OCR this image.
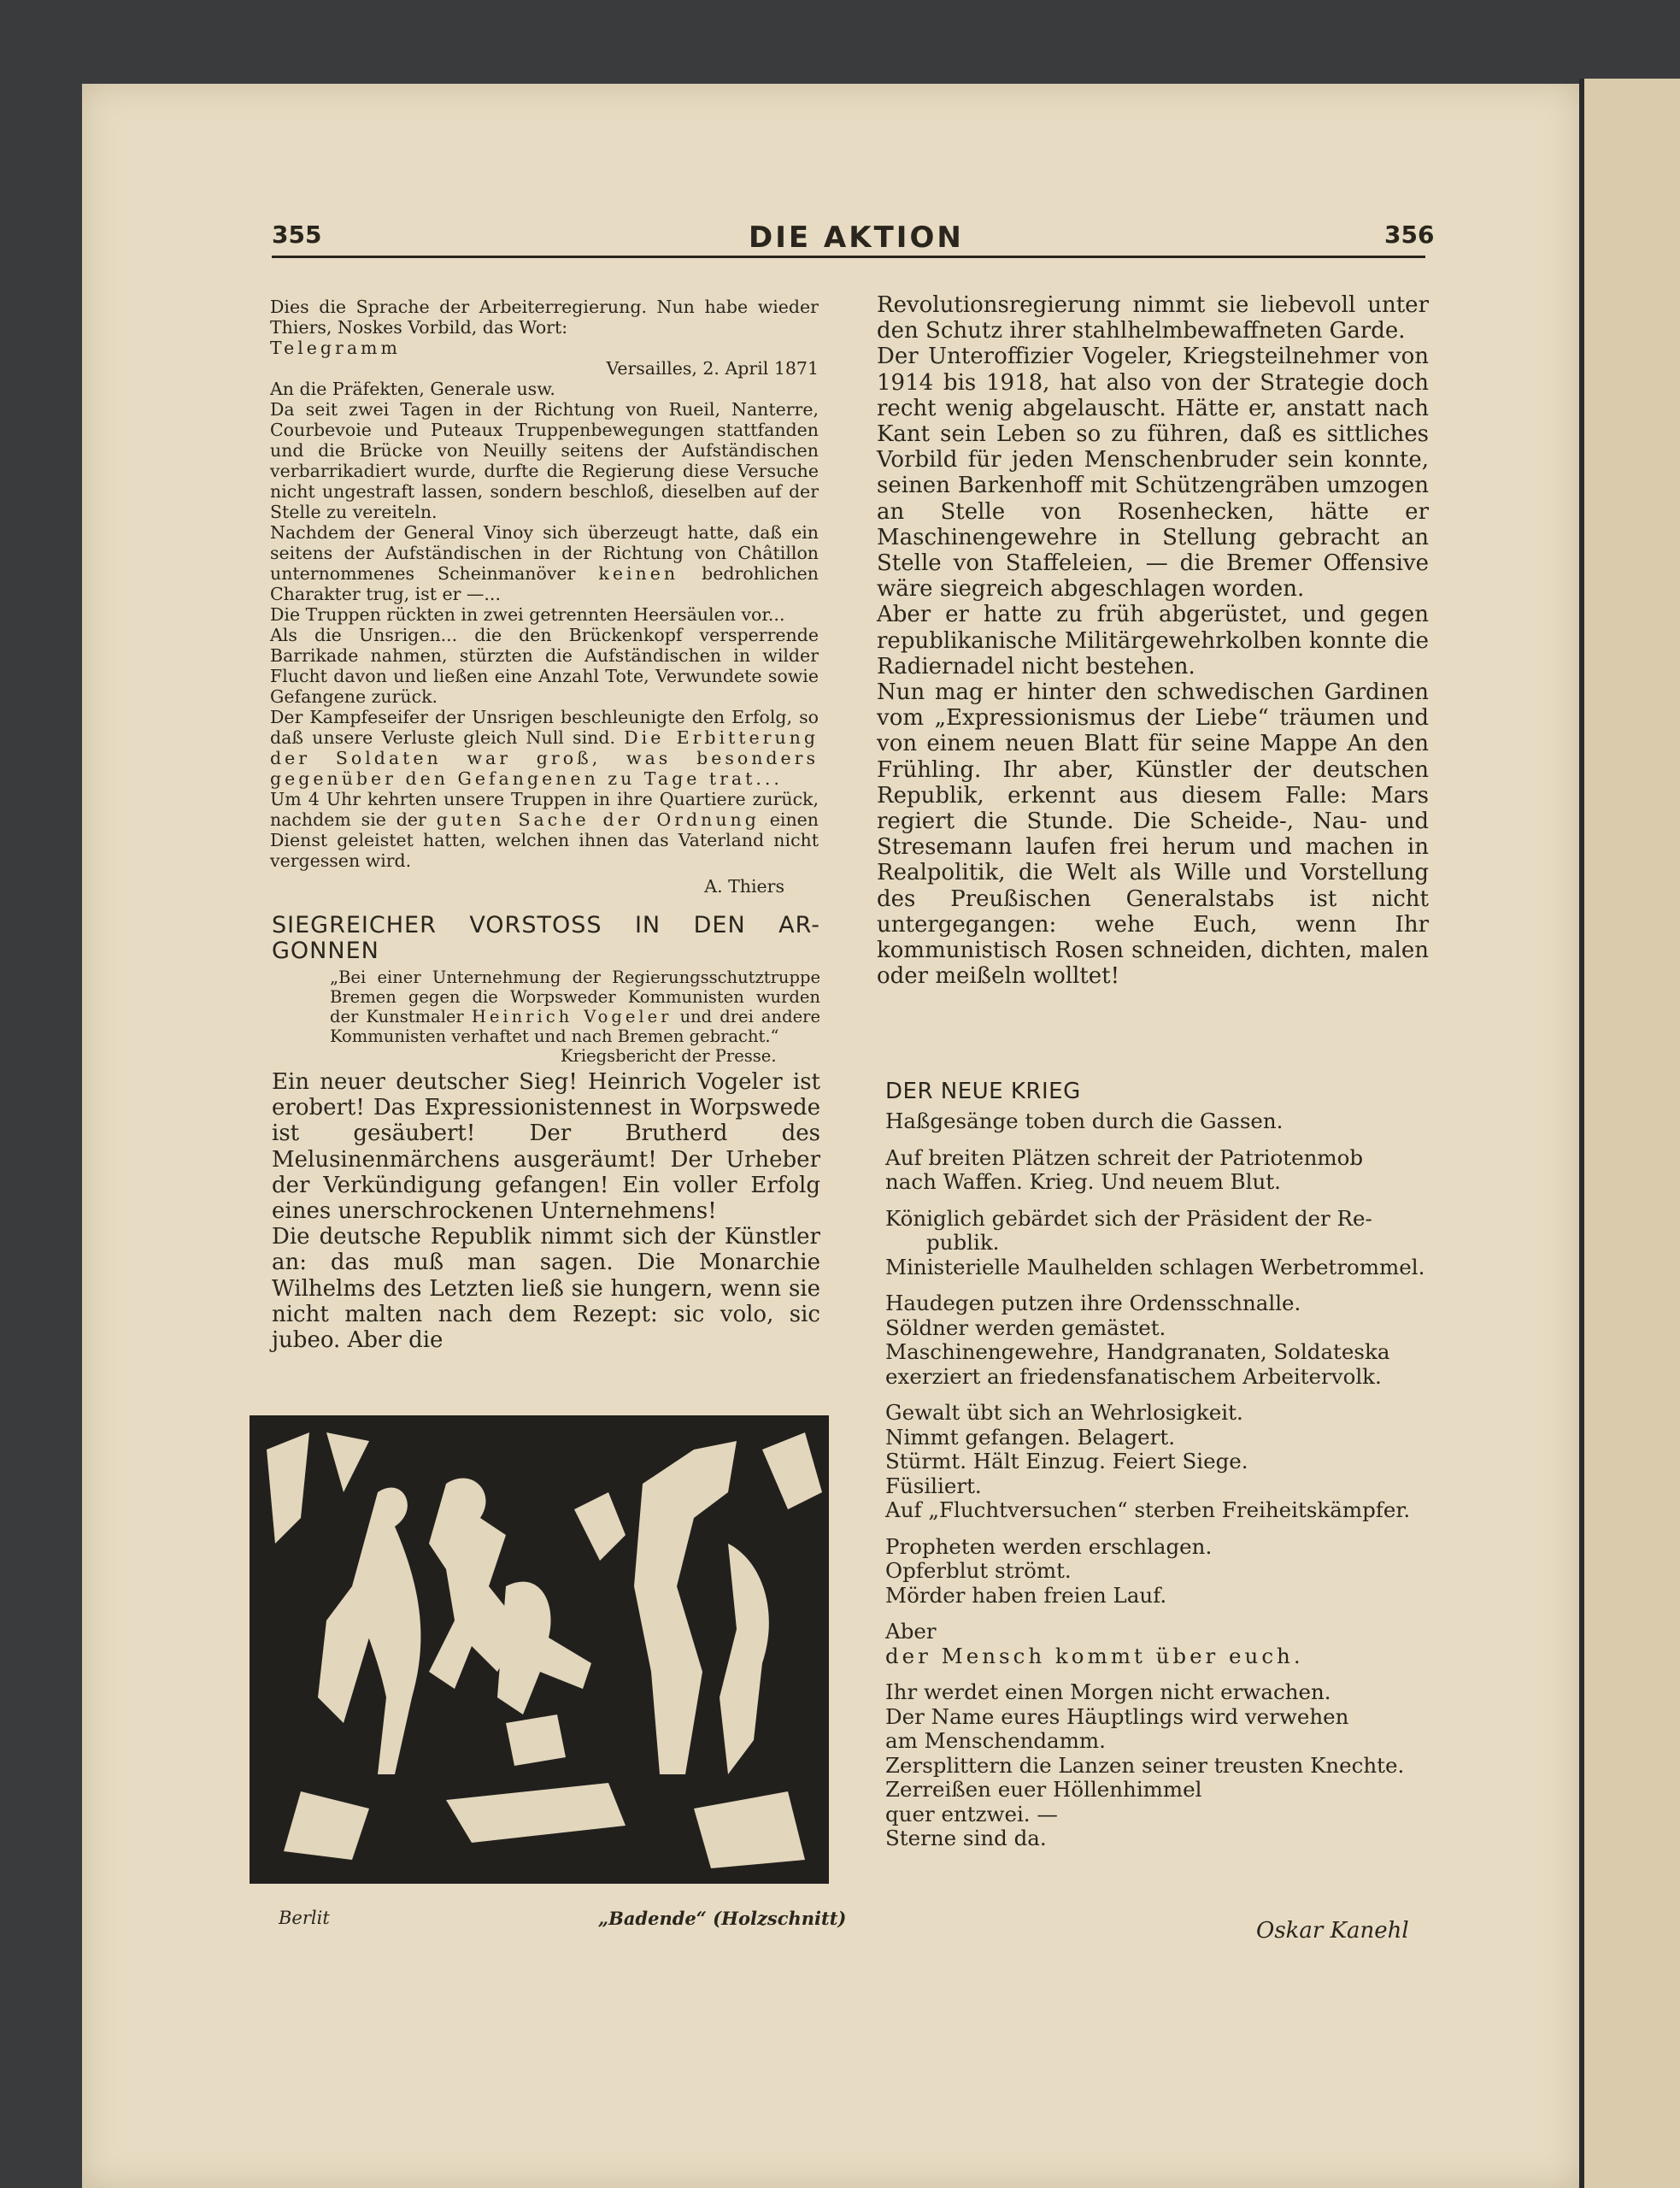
355	DIE AKTION	356

Dies die Sprache der Arbeiterregierung. Nun habe wieder Thiers, Noskes Vorbild, das Wort:

Telegramm

Versailles, 2. April 1871

An die Präfekten, Generale usw.

Da seit zwei Tagen in der Richtung von Rueil, Nanterre, Courbevoie und Puteaux Truppenbewegungen stattfanden und die Brücke von Neuilly seitens der Aufständischen verbarrikadiert wurde, durfte die Regierung diese Versuche nicht ungestraft lassen, sondern beschloß, dieselben auf der Stelle zu vereiteln.

Nachdem der General Vinoy sich überzeugt hatte, daß ein seitens der Aufständischen in der Richtung von Châtillon unternommenes Scheinmanöver keinen bedrohlichen Charakter trug, ist er —...

Die Truppen rückten in zwei getrennten Heersäulen vor...

Als die Unsrigen... die den Brückenkopf versperrende Barrikade nahmen, stürzten die Aufständischen in wilder Flucht davon und ließen eine Anzahl Tote, Verwundete sowie Gefangene zurück.

Der Kampfeseifer der Unsrigen beschleunigte den Erfolg, so daß unsere Verluste gleich Null sind. Die Erbitterung der Soldaten war groß, was besonders gegenüber den Gefangenen zu Tage trat...

Um 4 Uhr kehrten unsere Truppen in ihre Quartiere zurück, nachdem sie der guten Sache der Ordnung einen Dienst geleistet hatten, welchen ihnen das Vaterland nicht vergessen wird.

A. Thiers

SIEGREICHER VORSTOSS IN DEN AR-

GONNEN

„Bei einer Unternehmung der Regierungsschutztruppe Bremen gegen die Worpsweder Kommunisten wurden der Kunstmaler Heinrich Vogeler und drei andere Kommunisten verhaftet und nach Bremen gebracht.“

Kriegsbericht der Presse.

Ein neuer deutscher Sieg! Heinrich Vogeler ist erobert! Das Expressionistennest in Worpswede ist gesäubert! Der Brutherd des Melusinenmärchens ausgeräumt! Der Urheber der Verkündigung gefangen! Ein voller Erfolg eines unerschrockenen Unternehmens!

Die deutsche Republik nimmt sich der Künstler an: das muß man sagen. Die Monarchie Wilhelms des Letzten ließ sie hungern, wenn sie nicht malten nach dem Rezept: sic volo, sic jubeo. Aber die

Berlit	„Badende“ (Holzschnitt)

Revolutionsregierung nimmt sie liebevoll unter den Schutz ihrer stahlhelmbewaffneten Garde.

Der Unteroffizier Vogeler, Kriegsteilnehmer von 1914 bis 1918, hat also von der Strategie doch recht wenig abgelauscht. Hätte er, anstatt nach Kant sein Leben so zu führen, daß es sittliches Vorbild für jeden Menschenbruder sein konnte, seinen Barkenhoff mit Schützengräben umzogen an Stelle von Rosenhecken, hätte er Maschinengewehre in Stellung gebracht an Stelle von Staffeleien, — die Bremer Offensive wäre siegreich abgeschlagen worden.

Aber er hatte zu früh abgerüstet, und gegen republikanische Militärgewehrkolben konnte die Radiernadel nicht bestehen.

Nun mag er hinter den schwedischen Gardinen vom „Expressionismus der Liebe“ träumen und von einem neuen Blatt für seine Mappe An den Frühling. Ihr aber, Künstler der deutschen Republik, erkennt aus diesem Falle: Mars regiert die Stunde. Die Scheide-, Nau- und Stresemann laufen frei herum und machen in Realpolitik, die Welt als Wille und Vorstellung des Preußischen Generalstabs ist nicht untergegangen: wehe Euch, wenn Ihr kommunistisch Rosen schneiden, dichten, malen oder meißeln wolltet!

DER NEUE KRIEG

Haßgesänge toben durch die Gassen.

Auf breiten Plätzen schreit der Patriotenmob

nach Waffen. Krieg. Und neuem Blut.

Königlich gebärdet sich der Präsident der Re-

publik.

Ministerielle Maulhelden schlagen Werbetrommel.

Haudegen putzen ihre Ordensschnalle.

Söldner werden gemästet.

Maschinengewehre, Handgranaten, Soldateska

exerziert an friedensfanatischem Arbeitervolk.

Gewalt übt sich an Wehrlosigkeit.

Nimmt gefangen. Belagert.

Stürmt. Hält Einzug. Feiert Siege.

Füsiliert.

Auf „Fluchtversuchen“ sterben Freiheitskämpfer.

Propheten werden erschlagen.

Opferblut strömt.

Mörder haben freien Lauf.

Aber

der Mensch kommt über euch.

Ihr werdet einen Morgen nicht erwachen.

Der Name eures Häuptlings wird verwehen

am Menschendamm.

Zersplittern die Lanzen seiner treusten Knechte.

Zerreißen euer Höllenhimmel

quer entzwei. —

Sterne sind da.

Oskar Kanehl
